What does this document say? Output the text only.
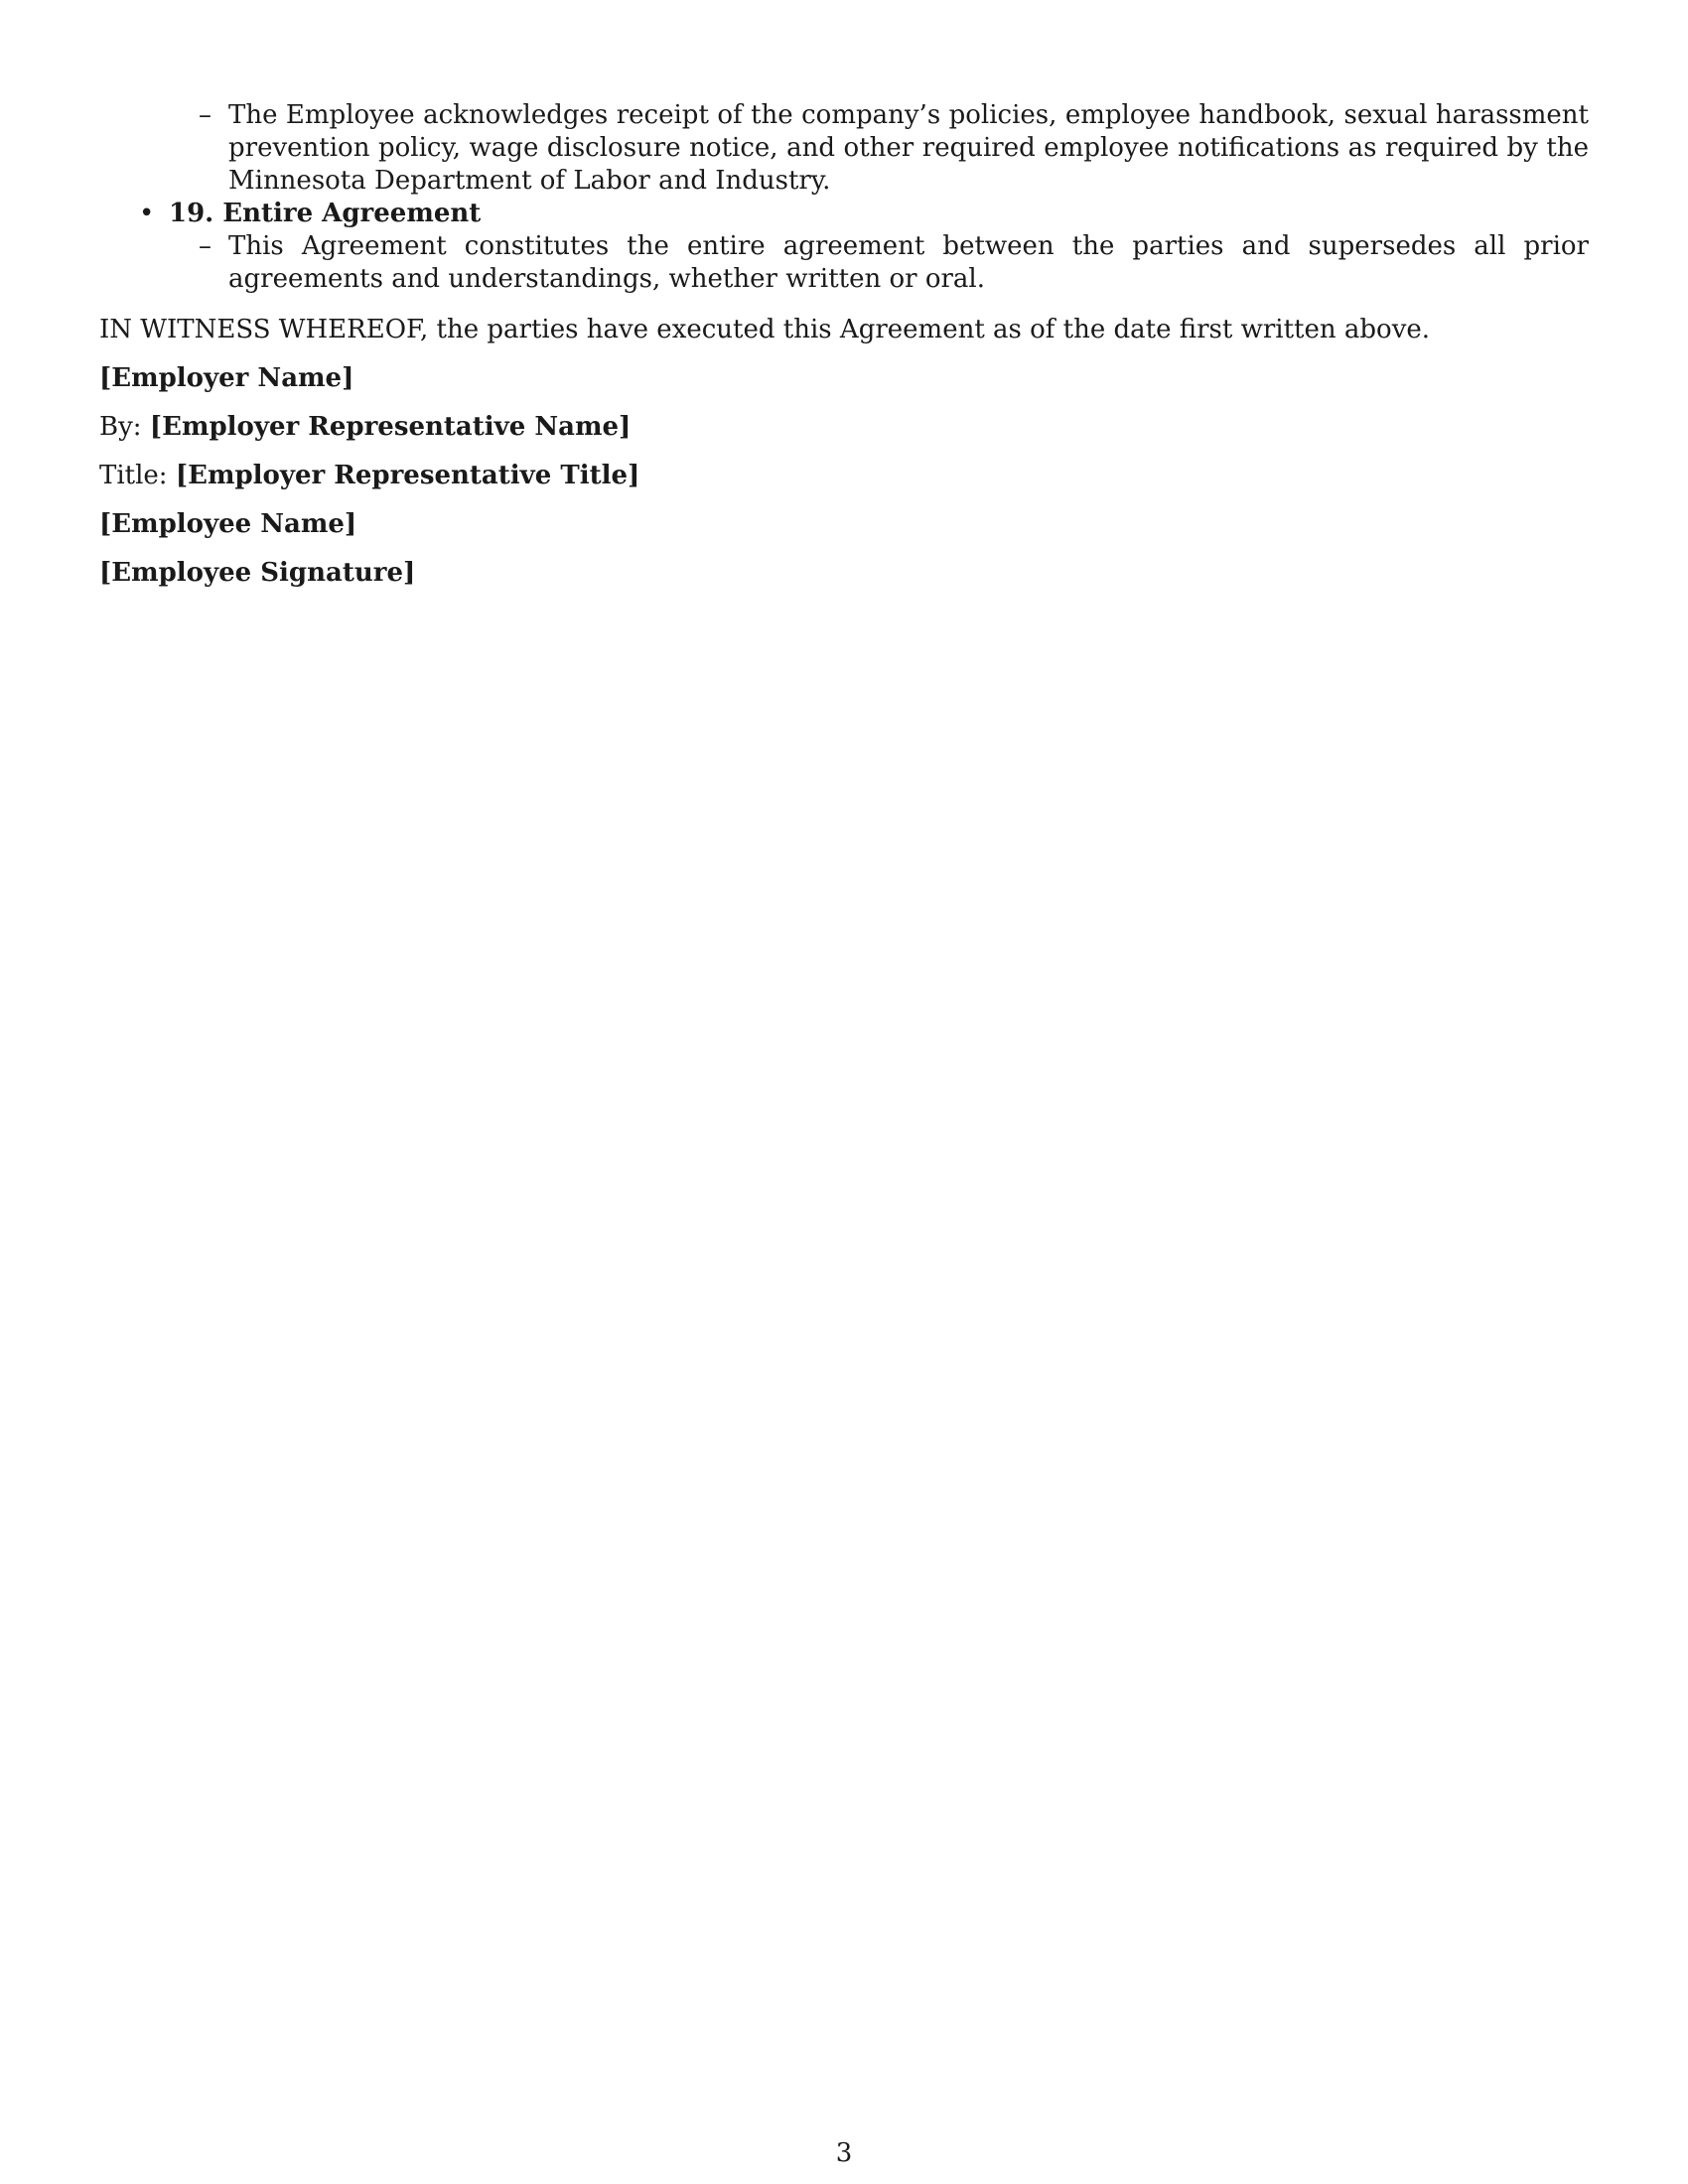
– The Employee acknowledges receipt of the company’s policies, employee handbook, sexual harassment prevention policy, wage disclosure notice, and other required employee notifications as required by the Minnesota Department of Labor and Industry.
• 19. Entire Agreement
– This Agreement constitutes the entire agreement between the parties and supersedes all prior agreements and understandings, whether written or oral.

IN WITNESS WHEREOF, the parties have executed this Agreement as of the date first written above.

[Employer Name]
By: [Employer Representative Name]
Title: [Employer Representative Title]
[Employee Name]
[Employee Signature]
3
